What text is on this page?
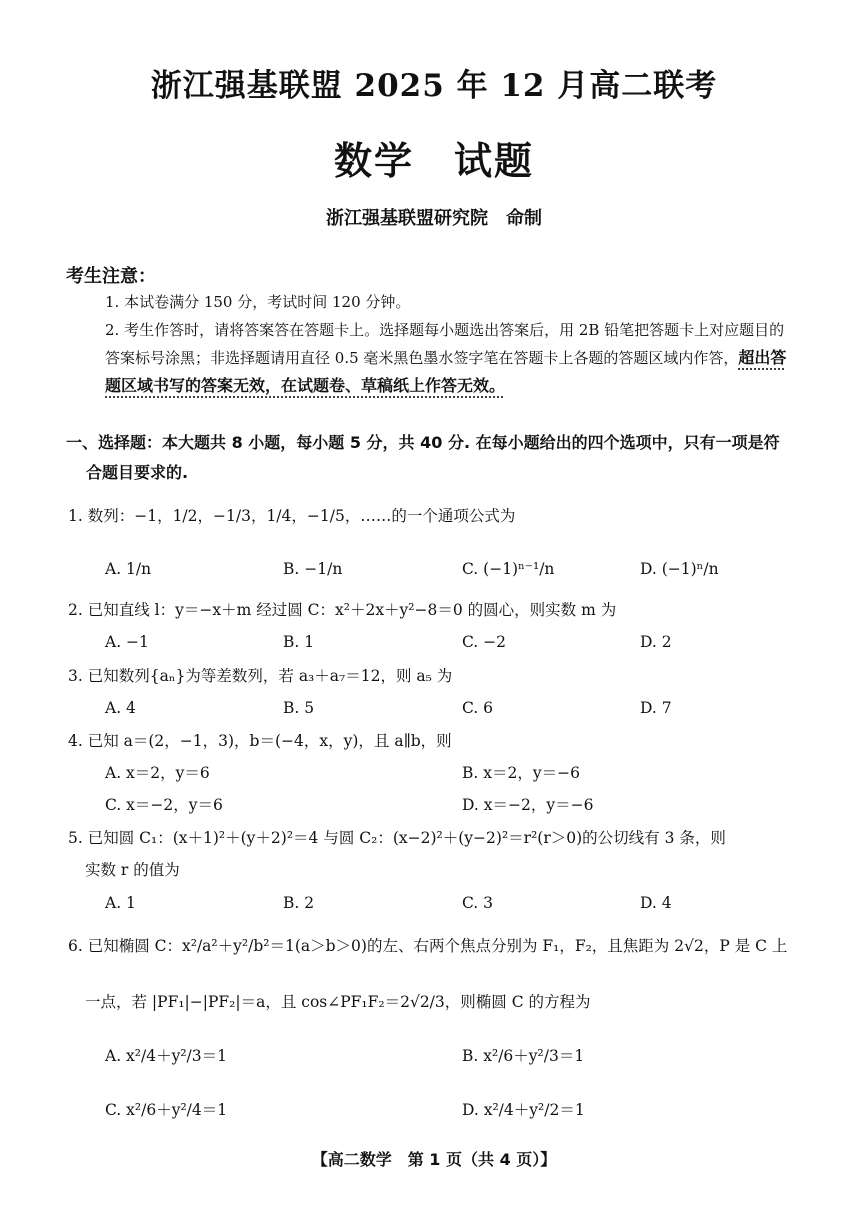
浙江强基联盟 2025 年 12 月高二联考
数学　试题
浙江强基联盟研究院　命制
考生注意：
1. 本试卷满分 150 分，考试时间 120 分钟。
2. 考生作答时，请将答案答在答题卡上。选择题每小题选出答案后，用 2B 铅笔把答题卡上对应题目的答案标号涂黑；非选择题请用直径 0.5 毫米黑色墨水签字笔在答题卡上各题的答题区域内作答，超出答题区域书写的答案无效，在试题卷、草稿纸上作答无效。
一、选择题：本大题共 8 小题，每小题 5 分，共 40 分. 在每小题给出的四个选项中，只有一项是符
合题目要求的.
1. 数列：−1，1/2，−1/3，1/4，−1/5，……的一个通项公式为
A. 1/n	B. −1/n	C. (−1)ⁿ⁻¹/n	D. (−1)ⁿ/n
2. 已知直线 l：y＝−x＋m 经过圆 C：x²＋2x＋y²−8＝0 的圆心，则实数 m 为
A. −1	B. 1	C. −2	D. 2
3. 已知数列{aₙ}为等差数列，若 a₃＋a₇＝12，则 a₅ 为
A. 4	B. 5	C. 6	D. 7
4. 已知 a＝(2，−1，3)，b＝(−4，x，y)，且 a∥b，则
A. x＝2，y＝6	B. x＝2，y＝−6
C. x＝−2，y＝6	D. x＝−2，y＝−6
5. 已知圆 C₁：(x＋1)²＋(y＋2)²＝4 与圆 C₂：(x−2)²＋(y−2)²＝r²(r＞0)的公切线有 3 条，则
实数 r 的值为
A. 1	B. 2	C. 3	D. 4
6. 已知椭圆 C：x²/a²＋y²/b²＝1(a＞b＞0)的左、右两个焦点分别为 F₁，F₂，且焦距为 2√2，P 是 C 上
一点，若 |PF₁|−|PF₂|＝a，且 cos∠PF₁F₂＝2√2/3，则椭圆 C 的方程为
A. x²/4＋y²/3＝1	B. x²/6＋y²/3＝1
C. x²/6＋y²/4＝1	D. x²/4＋y²/2＝1
【高二数学　第 1 页（共 4 页）】
